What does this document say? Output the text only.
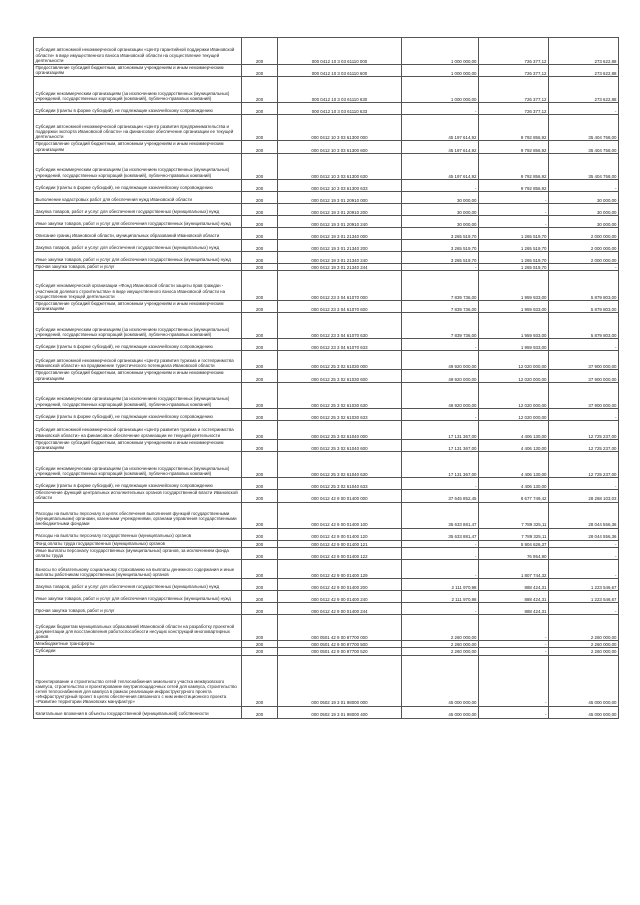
Субсидия автономной некоммерческой организации «Центр гарантийной поддержки Ивановской области» в виде имущественного взноса Ивановской области на осуществление текущей деятельности	200	000 0412 10 3 03 61110 000	1 000 000,00	726 377,12	273 622,88
Предоставление субсидий бюджетным, автономным учреждениям и иным некоммерческим организациям	200	000 0412 10 3 03 61110 600	1 000 000,00	726 377,12	273 622,88
Субсидии некоммерческим организациям (за исключением государственных (муниципальных) учреждений, государственных корпораций (компаний), публично-правовых компаний)	200	000 0412 10 3 03 61110 630	1 000 000,00	726 377,12	273 622,88
Субсидии (гранты в форме субсидий), не подлежащие казначейскому сопровождению	200	000 0412 10 3 03 61110 633	-	726 377,12	-
Субсидия автономной некоммерческой организации «Центр развития предпринимательства и поддержки экспорта Ивановской области» на финансовое обеспечение организации ее текущей деятельности	200	000 0412 10 3 03 61300 000	45 197 614,92	9 792 856,92	35 404 758,00
Предоставление субсидий бюджетным, автономным учреждениям и иным некоммерческим организациям	200	000 0412 10 3 03 61300 600	45 197 614,92	9 792 856,92	35 404 758,00
Субсидии некоммерческим организациям (за исключением государственных (муниципальных) учреждений, государственных корпораций (компаний), публично-правовых компаний)	200	000 0412 10 3 03 61300 630	45 197 614,92	9 792 856,92	35 404 758,00
Субсидии (гранты в форме субсидий), не подлежащие казначейскому сопровождению	200	000 0412 10 3 03 61300 633	-	9 792 856,92	-
Выполнение кадастровых работ для обеспечения нужд Ивановской области	200	000 0412 19 3 01 20910 000	30 000,00	-	30 000,00
Закупка товаров, работ и услуг для обеспечения государственных (муниципальных) нужд	200	000 0412 19 3 01 20910 200	30 000,00	-	30 000,00
Иные закупки товаров, работ и услуг для обеспечения государственных (муниципальных) нужд	200	000 0412 19 3 01 20910 240	30 000,00	-	30 000,00
Описание границ Ивановской области, муниципальных образований Ивановской области	200	000 0412 19 3 01 21340 000	3 265 519,70	1 265 519,70	2 000 000,00
Закупка товаров, работ и услуг для обеспечения государственных (муниципальных) нужд	200	000 0412 19 3 01 21340 200	3 265 519,70	1 265 519,70	2 000 000,00
Иные закупки товаров, работ и услуг для обеспечения государственных (муниципальных) нужд	200	000 0412 19 3 01 21340 240	3 265 519,70	1 265 519,70	2 000 000,00
Прочая закупка товаров, работ и услуг	200	000 0412 19 3 01 21340 244	-	1 265 519,70	-
Субсидия некоммерческой организации «Фонд Ивановской области защиты прав граждан - участников долевого строительства» в виде имущественного взноса Ивановской области на осуществление текущей деятельности	200	000 0412 23 3 04 61070 000	7 839 736,00	1 959 933,00	5 879 803,00
Предоставление субсидий бюджетным, автономным учреждениям и иным некоммерческим организациям	200	000 0412 23 3 04 61070 600	7 839 736,00	1 959 933,00	5 879 803,00
Субсидии некоммерческим организациям (за исключением государственных (муниципальных) учреждений, государственных корпораций (компаний), публично-правовых компаний)	200	000 0412 23 3 04 61070 630	7 839 736,00	1 959 933,00	5 879 803,00
Субсидии (гранты в форме субсидий), не подлежащие казначейскому сопровождению	200	000 0412 23 3 04 61070 633	-	1 959 933,00	-
Субсидия автономной некоммерческой организации «Центр развития туризма и гостеприимства Ивановской области» на продвижение туристического потенциала Ивановской области	200	000 0412 25 3 02 61030 000	49 920 000,00	12 020 000,00	37 900 000,00
Предоставление субсидий бюджетным, автономным учреждениям и иным некоммерческим организациям	200	000 0412 25 3 02 61030 600	49 920 000,00	12 020 000,00	37 900 000,00
Субсидии некоммерческим организациям (за исключением государственных (муниципальных) учреждений, государственных корпораций (компаний), публично-правовых компаний)	200	000 0412 25 3 02 61030 630	49 920 000,00	12 020 000,00	37 900 000,00
Субсидии (гранты в форме субсидий), не подлежащие казначейскому сопровождению	200	000 0412 25 3 02 61030 633	-	12 020 000,00	-
Субсидия автономной некоммерческой организации «Центр развития туризма и гостеприимства Ивановской области» на финансовое обеспечение организации ее текущей деятельности	200	000 0412 25 3 02 61040 000	17 131 367,00	4 406 130,00	12 725 237,00
Предоставление субсидий бюджетным, автономным учреждениям и иным некоммерческим организациям	200	000 0412 25 3 02 61040 600	17 131 367,00	4 406 130,00	12 725 237,00
Субсидии некоммерческим организациям (за исключением государственных (муниципальных) учреждений, государственных корпораций (компаний), публично-правовых компаний)	200	000 0412 25 3 02 61040 630	17 131 367,00	4 406 130,00	12 725 237,00
Субсидии (гранты в форме субсидий), не подлежащие казначейскому сопровождению	200	000 0412 25 3 02 61040 633	-	4 406 130,00	-
Обеспечение функций центральных исполнительных органов государственной власти Ивановской области	200	000 0412 42 9 00 01400 000	37 645 852,45	8 677 749,42	28 268 103,03
Расходы на выплаты персоналу в целях обеспечения выполнения функций государственными (муниципальными) органами, казенными учреждениями, органами управления государственными внебюджетными фондами	200	000 0412 42 9 00 01400 100	35 633 881,47	7 789 325,11	28 044 556,36
Расходы на выплаты персоналу государственных (муниципальных) органов	200	000 0412 42 9 00 01400 120	35 633 881,47	7 789 325,11	28 044 556,36
Фонд оплаты труда государственных (муниципальных) органов	200	000 0412 42 9 00 01400 121	-	5 904 626,37	-
Иные выплаты персоналу государственных (муниципальных) органов, за исключением фонда оплаты труда	200	000 0412 42 9 00 01400 122	-	76 954,90	-
Взносы по обязательному социальному страхованию на выплаты денежного содержания и иные выплаты работникам государственных (муниципальных) органов	200	000 0412 42 9 00 01400 129	-	1 807 744,32	-
Закупка товаров, работ и услуг для обеспечения государственных (муниципальных) нужд	200	000 0412 42 9 00 01400 200	2 111 970,98	888 424,31	1 223 546,67
Иные закупки товаров, работ и услуг для обеспечения государственных (муниципальных) нужд	200	000 0412 42 9 00 01400 240	2 111 970,98	888 424,31	1 223 546,67
Прочая закупка товаров, работ и услуг	200	000 0412 42 9 00 01400 244	-	888 424,31	-
Субсидии бюджетам муниципальных образований Ивановской области на разработку проектной документации для восстановления работоспособности несущих конструкций многоквартирных домов	200	000 0501 42 9 00 87700 000	2 260 000,00	-	2 260 000,00
Межбюджетные трансферты	200	000 0501 42 9 00 87700 500	2 260 000,00	-	2 260 000,00
Субсидии	200	000 0501 42 9 00 87700 520	2 260 000,00	-	2 260 000,00
Проектирование и строительство сетей теплоснабжения земельного участка межвузовского кампуса, строительство и проектирование внутриплощадочных сетей для кампуса, строительство сетей теплоснабжения для кампуса в рамках реализации инфраструктурного проекта «Инфраструктурный проект в целях обеспечения связанного с ним инвестиционного проекта «Развитие территории Ивановских мануфактур»	200	000 0502 19 3 01 98000 000	45 000 000,00	-	45 000 000,00
Капитальные вложения в объекты государственной (муниципальной) собственности	200	000 0502 19 3 01 98000 400	45 000 000,00	-	45 000 000,00
